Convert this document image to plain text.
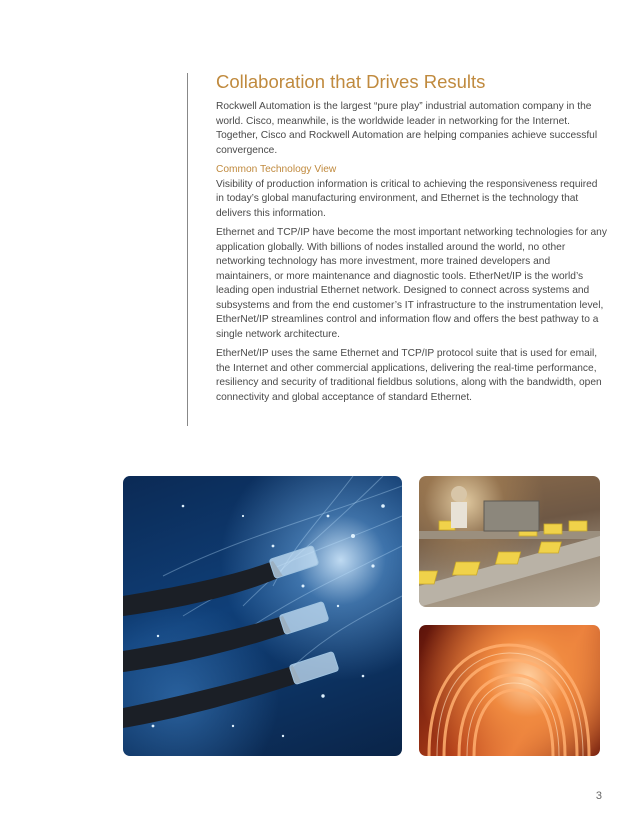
Collaboration that Drives Results

Rockwell Automation is the largest “pure play” industrial automation company in the world. Cisco, meanwhile, is the worldwide leader in networking for the Internet. Together, Cisco and Rockwell Automation are helping companies achieve successful convergence.

Common Technology View

Visibility of production information is critical to achieving the responsiveness required in today’s global manufacturing environment, and Ethernet is the technology that delivers this information.

Ethernet and TCP/IP have become the most important networking technologies for any application globally. With billions of nodes installed around the world, no other networking technology has more investment, more trained developers and maintainers, or more maintenance and diagnostic tools. EtherNet/IP is the world’s leading open industrial Ethernet network. Designed to connect across systems and subsystems and from the end customer’s IT infrastructure to the instrumentation level, EtherNet/IP streamlines control and information flow and offers the best pathway to a single network architecture.

EtherNet/IP uses the same Ethernet and TCP/IP protocol suite that is used for email, the Internet and other commercial applications, delivering the real-time performance, resiliency and security of traditional fieldbus solutions, along with the bandwidth, open connectivity and global acceptance of standard Ethernet.

3
